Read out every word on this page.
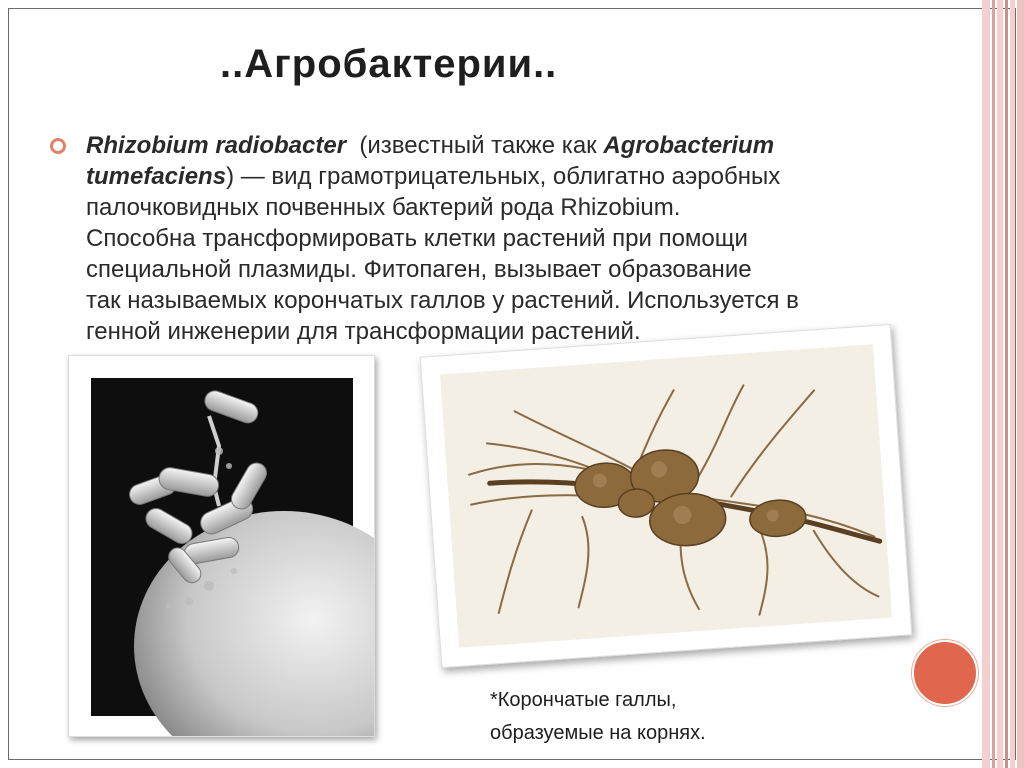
..Агробактерии..
Rhizobium radiobacter  (известный также как Agrobacterium
tumefaciens) — вид грамотрицательных, облигатно аэробных
палочковидных почвенных бактерий рода Rhizobium.
Способна трансформировать клетки растений при помощи
специальной плазмиды. Фитопаген, вызывает образование
так называемых корончатых галлов у растений. Используется в
генной инженерии для трансформации растений.
*Корончатые галлы,
образуемые на корнях.
